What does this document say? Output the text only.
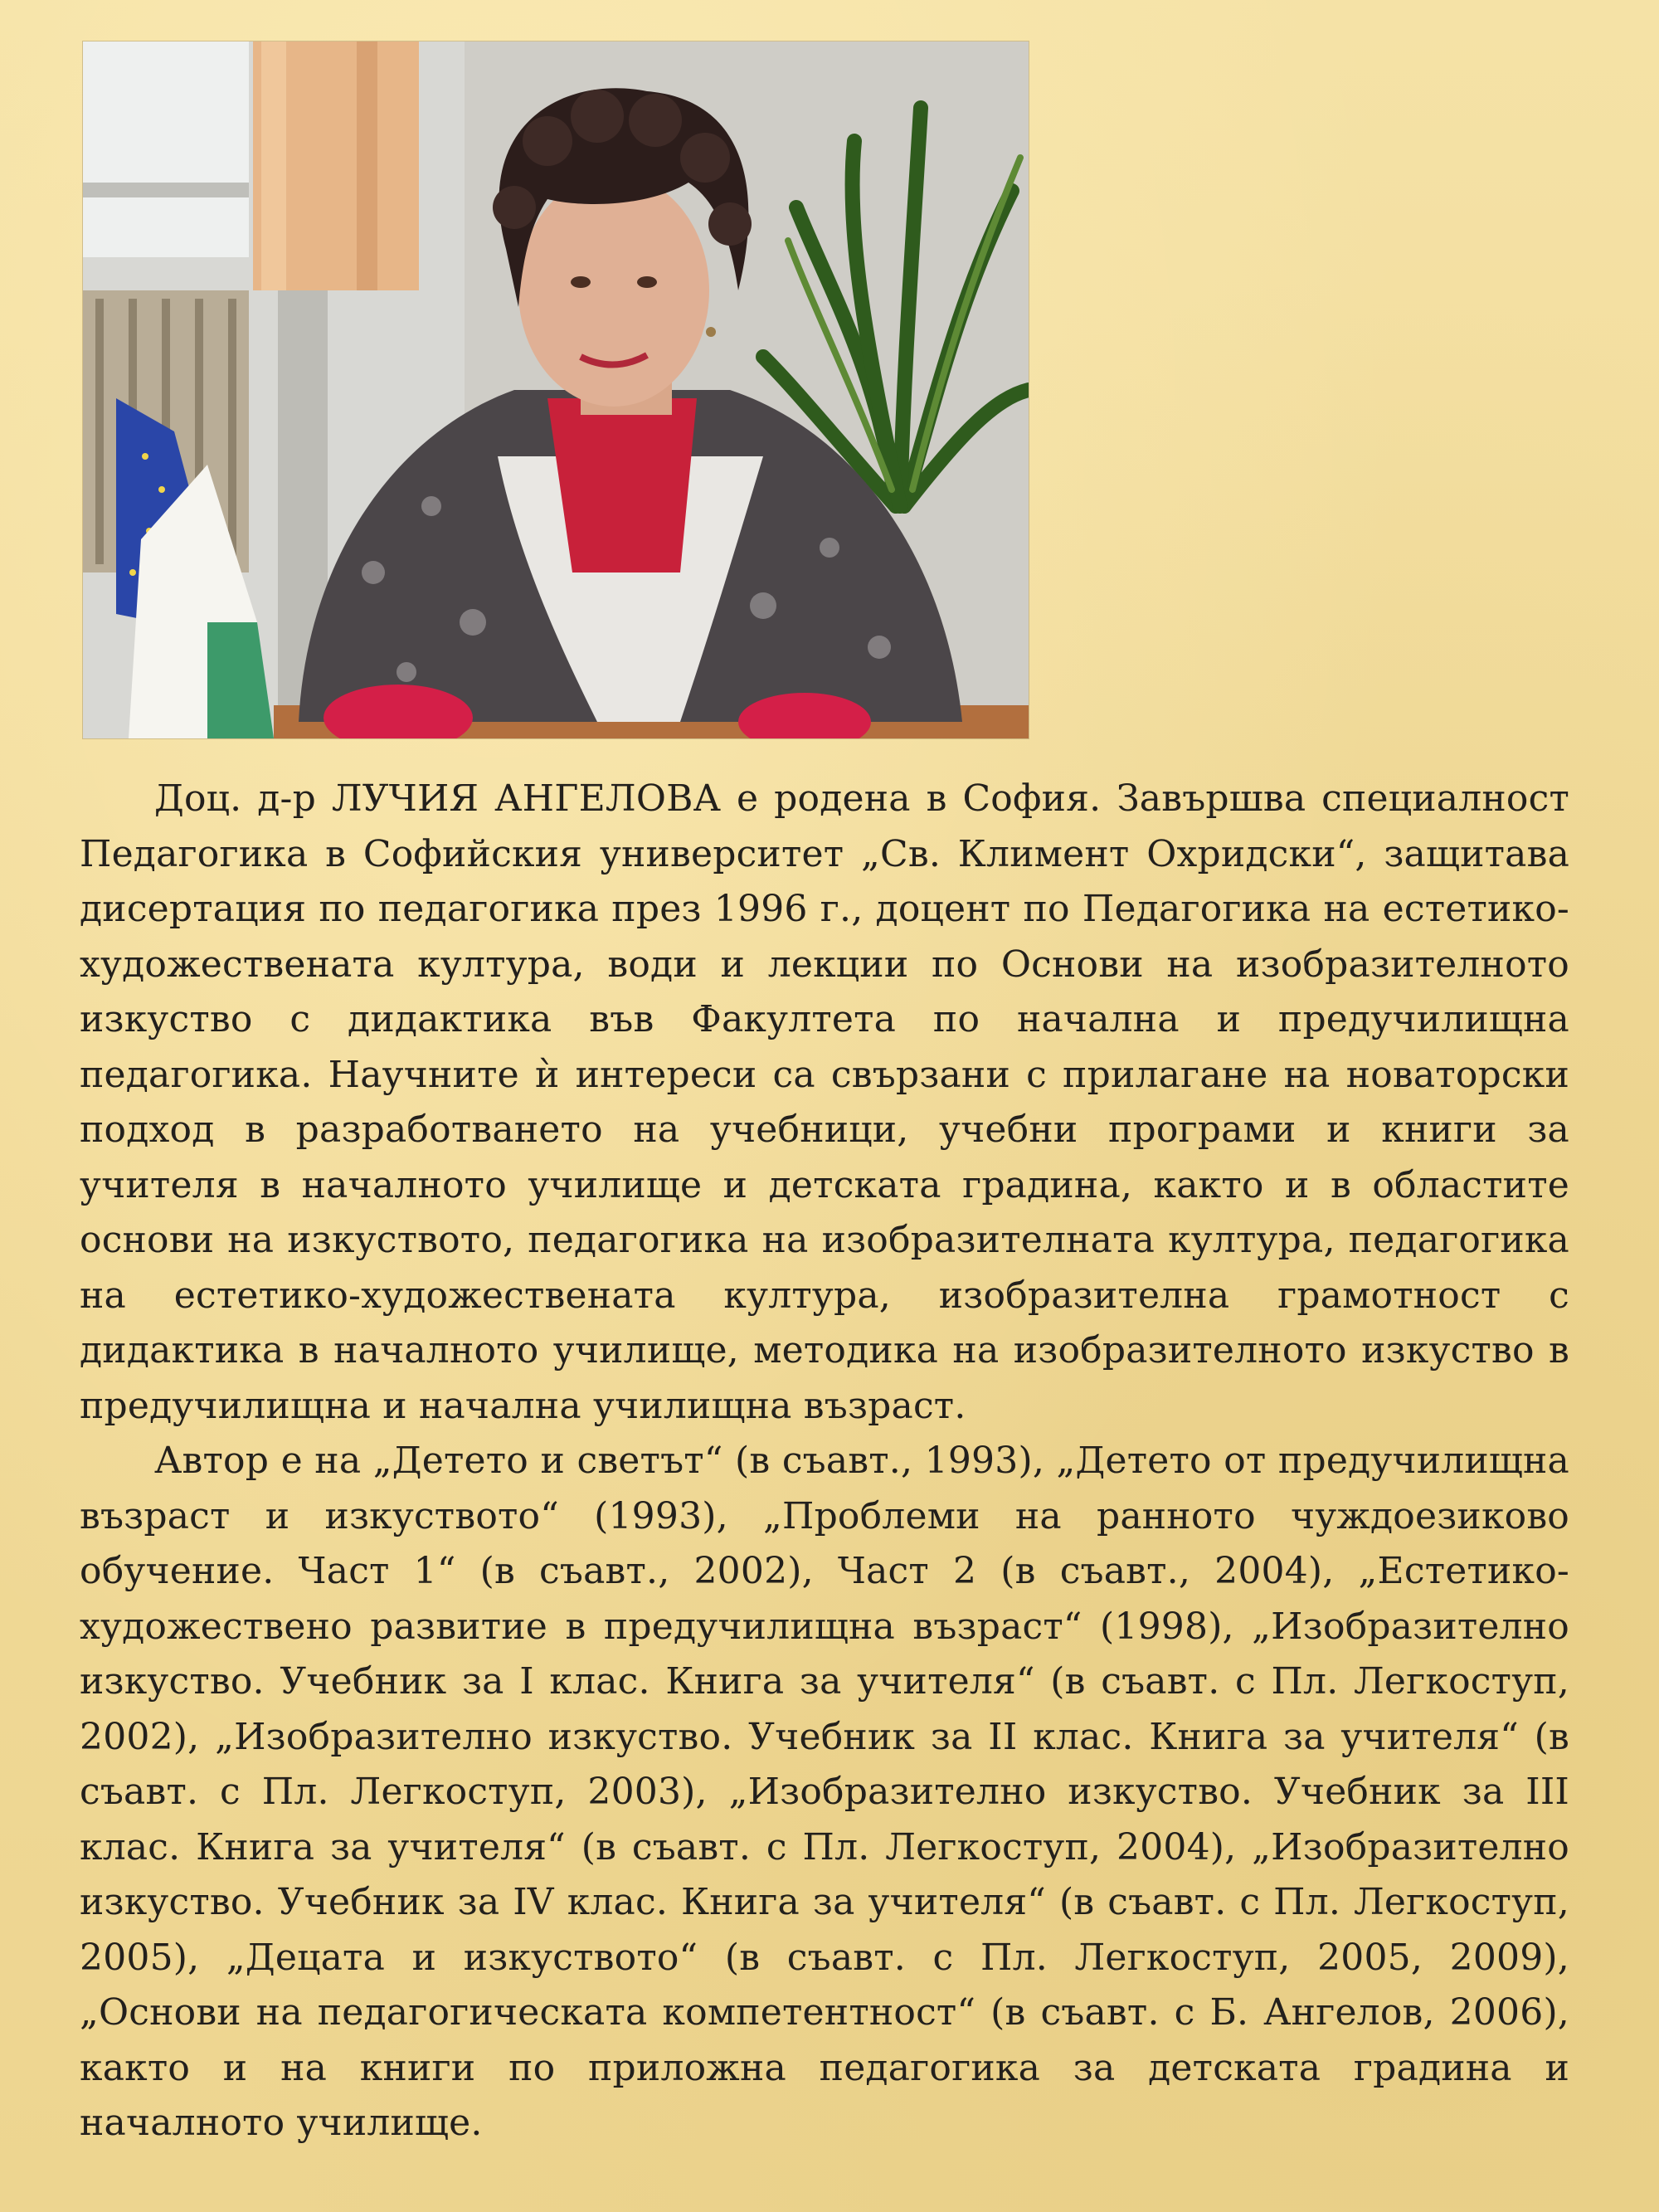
Доц. д-р ЛУЧИЯ АНГЕЛОВА е родена в София. Завършва специалност Педагогика в Софийския университет „Св. Климент Охридски“, защитава дисертация по педагогика през 1996 г., доцент по Педагогика на естетико-художествената култура, води и лекции по Основи на изобразителното изкуство с дидактика във Факултета по начална и предучилищна педагогика. Научните ѝ интереси са свързани с прилагане на новаторски подход в разработването на учебници, учебни програми и книги за учителя в началното училище и детската градина, както и в областите основи на изкуството, педагогика на изобразителната култура, педагогика на естетико-художествената култура, изобразителна грамотност с дидактика в началното училище, методика на изобразителното изкуство в предучилищна и начална училищна възраст.

Автор е на „Детето и светът“ (в съавт., 1993), „Детето от предучилищна възраст и изкуството“ (1993), „Проблеми на ранното чуждоезиково обучение. Част 1“ (в съавт., 2002), Част 2 (в съавт., 2004), „Естетико-художествено развитие в предучилищна възраст“ (1998), „Изобразително изкуство. Учебник за I клас. Книга за учителя“ (в съавт. с Пл. Легкоступ, 2002), „Изобразително изкуство. Учебник за II клас. Книга за учителя“ (в съавт. с Пл. Легкоступ, 2003), „Изобразително изкуство. Учебник за III клас. Книга за учителя“ (в съавт. с Пл. Легкоступ, 2004), „Изобразително изкуство. Учебник за IV клас. Книга за учителя“ (в съавт. с Пл. Легкоступ, 2005), „Децата и изкуството“ (в съавт. с Пл. Легкоступ, 2005, 2009), „Основи на педагогическата компетентност“ (в съавт. с Б. Ангелов, 2006), както и на книги по приложна педагогика за детската градина и началното училище.
